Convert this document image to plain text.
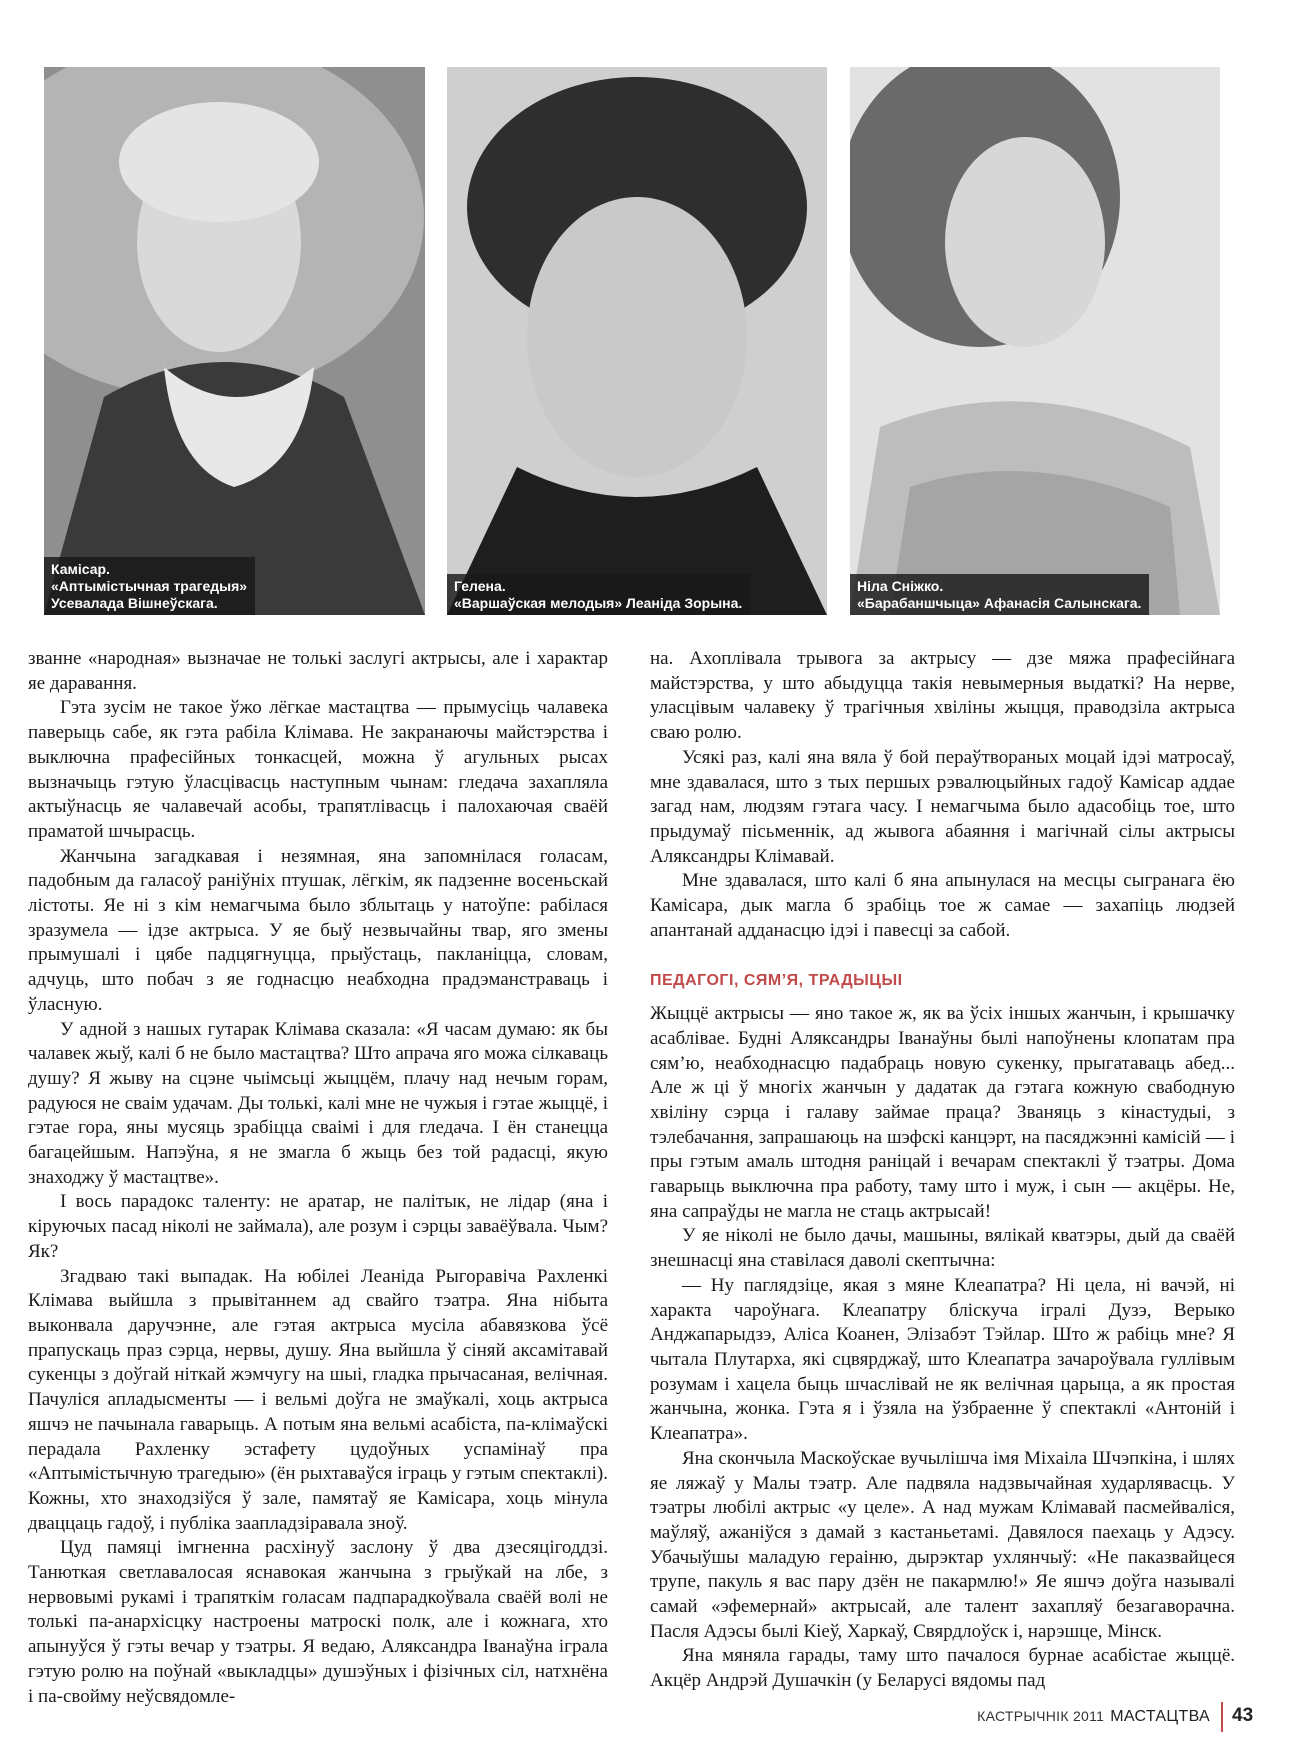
Камісар.
«Аптымістычная трагедыя»
Усевалада Вішнеўскага.
Гелена.
«Варшаўская мелодыя» Леаніда Зорына.
Ніла Сніжко.
«Барабаншчыца» Афанасія Салынскага.

званне «народная» вызначае не толькі заслугі актрысы, але і характар яе даравання.

Гэта зусім не такое ўжо лёгкае мастацтва — прымусіць чалавека паверыць сабе, як гэта рабіла Клімава. Не закранаючы майстэрства і выключна прафесійных тонкасцей, можна ў агульных рысах вызначыць гэтую ўласцівасць наступным чынам: гледача захапляла актыўнасць яе чалавечай асобы, трапятлівасць і палохаючая сваёй праматой шчырасць.

Жанчына загадкавая і незямная, яна запомнілася голасам, падобным да галасоў раніўніх птушак, лёгкім, як падзенне восеньскай лістоты. Яе ні з кім немагчыма было зблытаць у натоўпе: рабілася зразумела — ідзе актрыса. У яе быў незвычайны твар, яго змены прымушалі і цябе падцягнуцца, прыўстаць, пакланіцца, словам, адчуць, што побач з яе годнасцю неабходна прадэманстраваць і ўласную.

У адной з нашых гутарак Клімава сказала: «Я часам думаю: як бы чалавек жыў, калі б не было мастацтва? Што апрача яго можа сілкаваць душу? Я жыву на сцэне чыімсьці жыццём, плачу над нечым горам, радуюся не сваім удачам. Ды толькі, калі мне не чужыя і гэтае жыццё, і гэтае гора, яны мусяць зрабіцца сваімі і для гледача. І ён станецца багацейшым. Напэўна, я не змагла б жыць без той радасці, якую знаходжу ў мастацтве».

І вось парадокс таленту: не аратар, не палітык, не лідар (яна і кіруючых пасад ніколі не займала), але розум і сэрцы заваёўвала. Чым? Як?

Згадваю такі выпадак. На юбілеі Леаніда Рыгоравіча Рахленкі Клімава выйшла з прывітаннем ад свайго тэатра. Яна нібыта выконвала даручэнне, але гэтая актрыса мусіла абавязкова ўсё прапускаць праз сэрца, нервы, душу. Яна выйшла ў сіняй аксамітавай сукенцы з доўгай ніткай жэмчугу на шыі, гладка прычасаная, велічная. Пачуліся апладысменты — і вельмі доўга не змаўкалі, хоць актрыса яшчэ не пачынала гаварыць. А потым яна вельмі асабіста, па-клімаўскі перадала Рахленку эстафету цудоўных успамінаў пра «Аптымістычную трагедыю» (ён рыхтаваўся іграць у гэтым спектаклі). Кожны, хто знаходзіўся ў зале, памятаў яе Камісара, хоць мінула дваццаць гадоў, і публіка заапладзіравала зноў.

Цуд памяці імгненна расхінуў заслону ў два дзесяцігоддзі. Танюткая светлавалосая яснавокая жанчына з грыўкай на лбе, з нервовымі рукамі і трапяткім голасам падпарадкоўвала сваёй волі не толькі па-анархісцку настроены матроскі полк, але і кожнага, хто апынуўся ў гэты вечар у тэатры. Я ведаю, Аляксандра Іванаўна іграла гэтую ролю на поўнай «выкладцы» душэўных і фізічных сіл, натхнёна і па-свойму неўсвядомле-

на. Ахоплівала трывога за актрысу — дзе мяжа прафесійнага майстэрства, у што абыдуцца такія невымерныя выдаткі? На нерве, уласцівым чалавеку ў трагічныя хвіліны жыцця, праводзіла актрыса сваю ролю.

Усякі раз, калі яна вяла ў бой пераўтвораных моцай ідэі матросаў, мне здавалася, што з тых першых рэвалюцыйных гадоў Камісар аддае загад нам, людзям гэтага часу. І немагчыма было адасобіць тое, што прыдумаў пісьменнік, ад жывога абаяння і магічнай сілы актрысы Аляксандры Клімавай.

Мне здавалася, што калі б яна апынулася на месцы сыгранага ёю Камісара, дык магла б зрабіць тое ж самае — захапіць людзей апантанай адданасцю ідэі і павесці за сабой.

ПЕДАГОГІ, СЯМ’Я, ТРАДЫЦЫІ

Жыццё актрысы — яно такое ж, як ва ўсіх іншых жанчын, і крышачку асаблівае. Будні Аляксандры Іванаўны былі напоўнены клопатам пра сям’ю, неабходнасцю падабраць новую сукенку, прыгатаваць абед... Але ж ці ў многіх жанчын у дадатак да гэтага кожную свабодную хвіліну сэрца і галаву займае праца? Званяць з кінастудыі, з тэлебачання, запрашаюць на шэфскі канцэрт, на пасяджэнні камісій — і пры гэтым амаль штодня раніцай і вечарам спектаклі ў тэатры. Дома гаварыць выключна пра работу, таму што і муж, і сын — акцёры. Не, яна сапраўды не магла не стаць актрысай!

У яе ніколі не было дачы, машыны, вялікай кватэры, дый да сваёй знешнасці яна ставілася даволі скептычна:

— Ну паглядзіце, якая з мяне Клеапатра? Ні цела, ні вачэй, ні характа чароўнага. Клеапатру бліскуча ігралі Дузэ, Верыко Анджапарыдзэ, Аліса Коанен, Элізабэт Тэйлар. Што ж рабіць мне? Я чытала Плутарха, які сцвярджаў, што Клеапатра зачароўвала гуллівым розумам і хацела быць шчаслівай не як велічная царыца, а як простая жанчына, жонка. Гэта я і ўзяла на ўзбраенне ў спектаклі «Антоній і Клеапатра».

Яна скончыла Маскоўскае вучылішча імя Міхаіла Шчэпкіна, і шлях яе ляжаў у Малы тэатр. Але падвяла надзвычайная хударлявасць. У тэатры любілі актрыс «у целе». А над мужам Клімавай пасмейваліся, маўляў, ажаніўся з дамай з кастаньетамі. Давялося паехаць у Адэсу. Убачыўшы маладую гераіню, дырэктар ухлянчыў: «Не паказвайцеся трупе, пакуль я вас пару дзён не пакармлю!» Яе яшчэ доўга называлі самай «эфемернай» актрысай, але талент захапляў безагаворачна. Пасля Адэсы былі Кіеў, Харкаў, Свярдлоўск і, нарэшце, Мінск.

Яна мяняла гарады, таму што пачалося бурнае асабістае жыццё. Акцёр Андрэй Душачкін (у Беларусі вядомы пад

КАСТРЫЧНІК 2011 МАСТАЦТВА 43
